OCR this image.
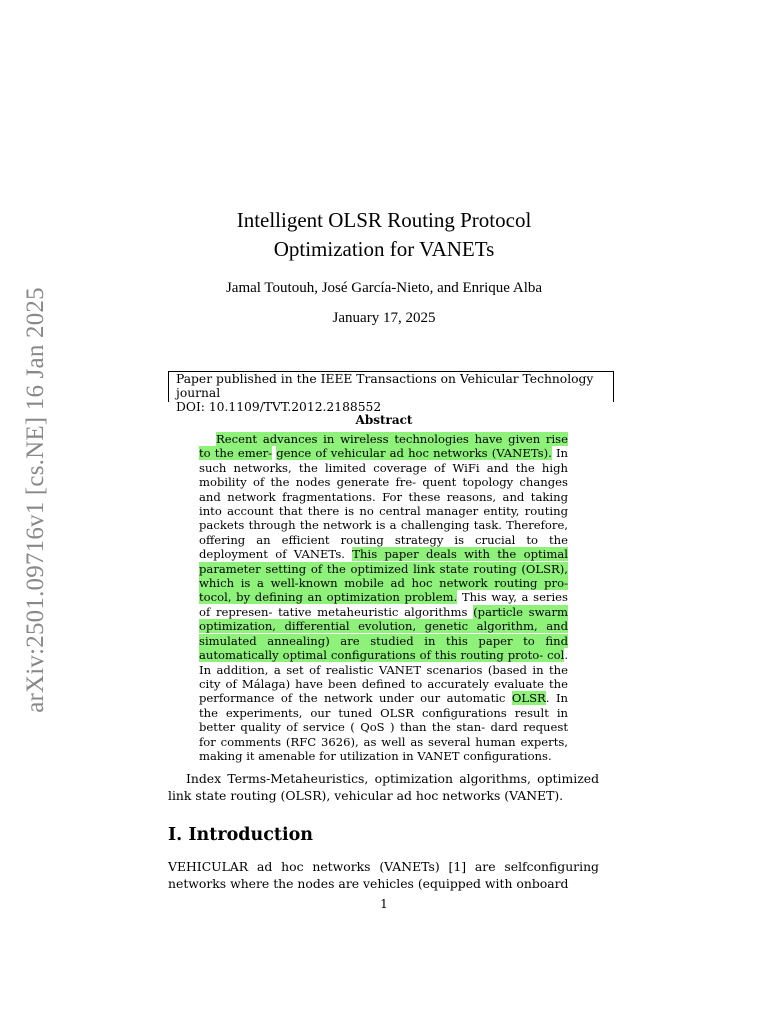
arXiv:2501.09716v1 [cs.NE] 16 Jan 2025
Intelligent OLSR Routing Protocol
Optimization for VANETs
Jamal Toutouh, José García-Nieto, and Enrique Alba
January 17, 2025
Paper published in the IEEE Transactions on Vehicular Technology
journal
DOI: 10.1109/TVT.2012.2188552
Abstract
Recent advances in wireless technologies have given rise to the emer- gence of vehicular ad hoc networks (VANETs). In such networks, the limited coverage of WiFi and the high mobility of the nodes generate fre- quent topology changes and network fragmentations. For these reasons, and taking into account that there is no central manager entity, routing packets through the network is a challenging task. Therefore, offering an efficient routing strategy is crucial to the deployment of VANETs. This paper deals with the optimal parameter setting of the optimized link state routing (OLSR), which is a well-known mobile ad hoc network routing pro- tocol, by defining an optimization problem. This way, a series of represen- tative metaheuristic algorithms (particle swarm optimization, differential evolution, genetic algorithm, and simulated annealing) are studied in this paper to find automatically optimal configurations of this routing proto- col. In addition, a set of realistic VANET scenarios (based in the city of Málaga) have been defined to accurately evaluate the performance of the network under our automatic OLSR. In the experiments, our tuned OLSR configurations result in better quality of service ( QoS ) than the stan- dard request for comments (RFC 3626), as well as several human experts, making it amenable for utilization in VANET configurations.
Index Terms-Metaheuristics, optimization algorithms, optimized link state routing (OLSR), vehicular ad hoc networks (VANET).
I. Introduction
VEHICULAR ad hoc networks (VANETs) [1] are selfconfiguring networks where the nodes are vehicles (equipped with onboard
1
